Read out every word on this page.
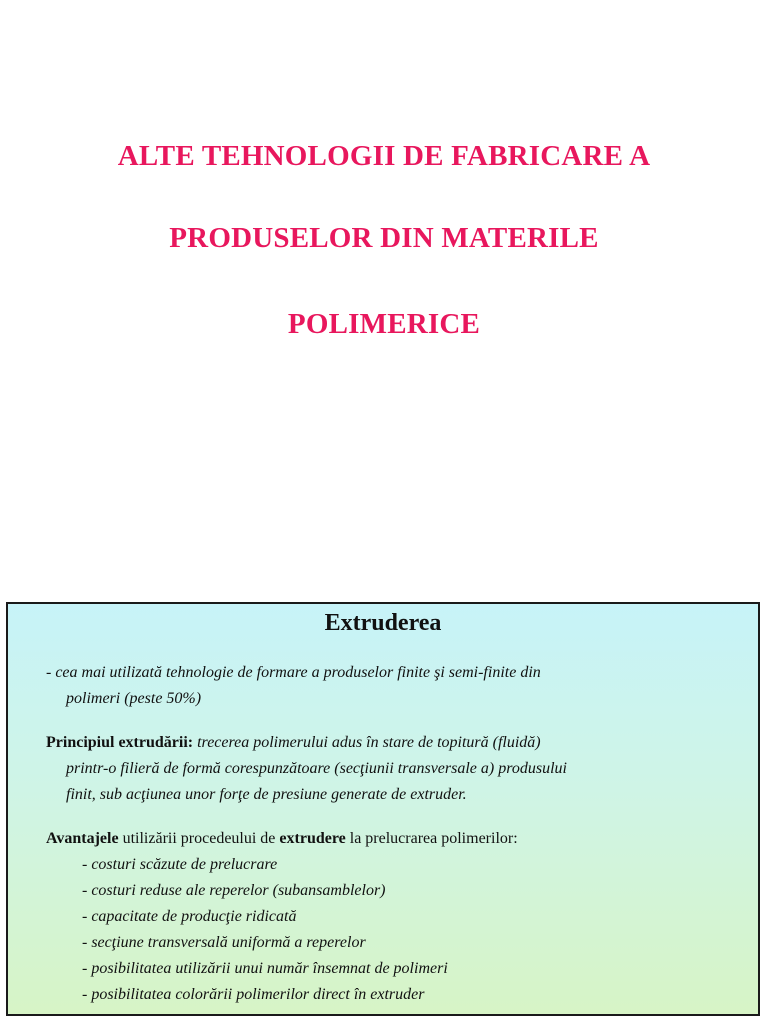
ALTE TEHNOLOGII DE FABRICARE A
PRODUSELOR DIN MATERILE
POLIMERICE
Extruderea
- cea mai utilizată tehnologie de formare a produselor finite şi semi-finite din
polimeri (peste 50%)
Principiul extrudării: trecerea polimerului adus în stare de topitură (fluidă)
printr-o filieră de formă corespunzătoare (secţiunii transversale a) produsului
finit, sub acţiunea unor forţe de presiune generate de extruder.
Avantajele utilizării procedeului de extrudere la prelucrarea polimerilor:
- costuri scăzute de prelucrare
- costuri reduse ale reperelor (subansamblelor)
- capacitate de producţie ridicată
- secţiune transversală uniformă a reperelor
- posibilitatea utilizării unui număr însemnat de polimeri
- posibilitatea colorării polimerilor direct în extruder
